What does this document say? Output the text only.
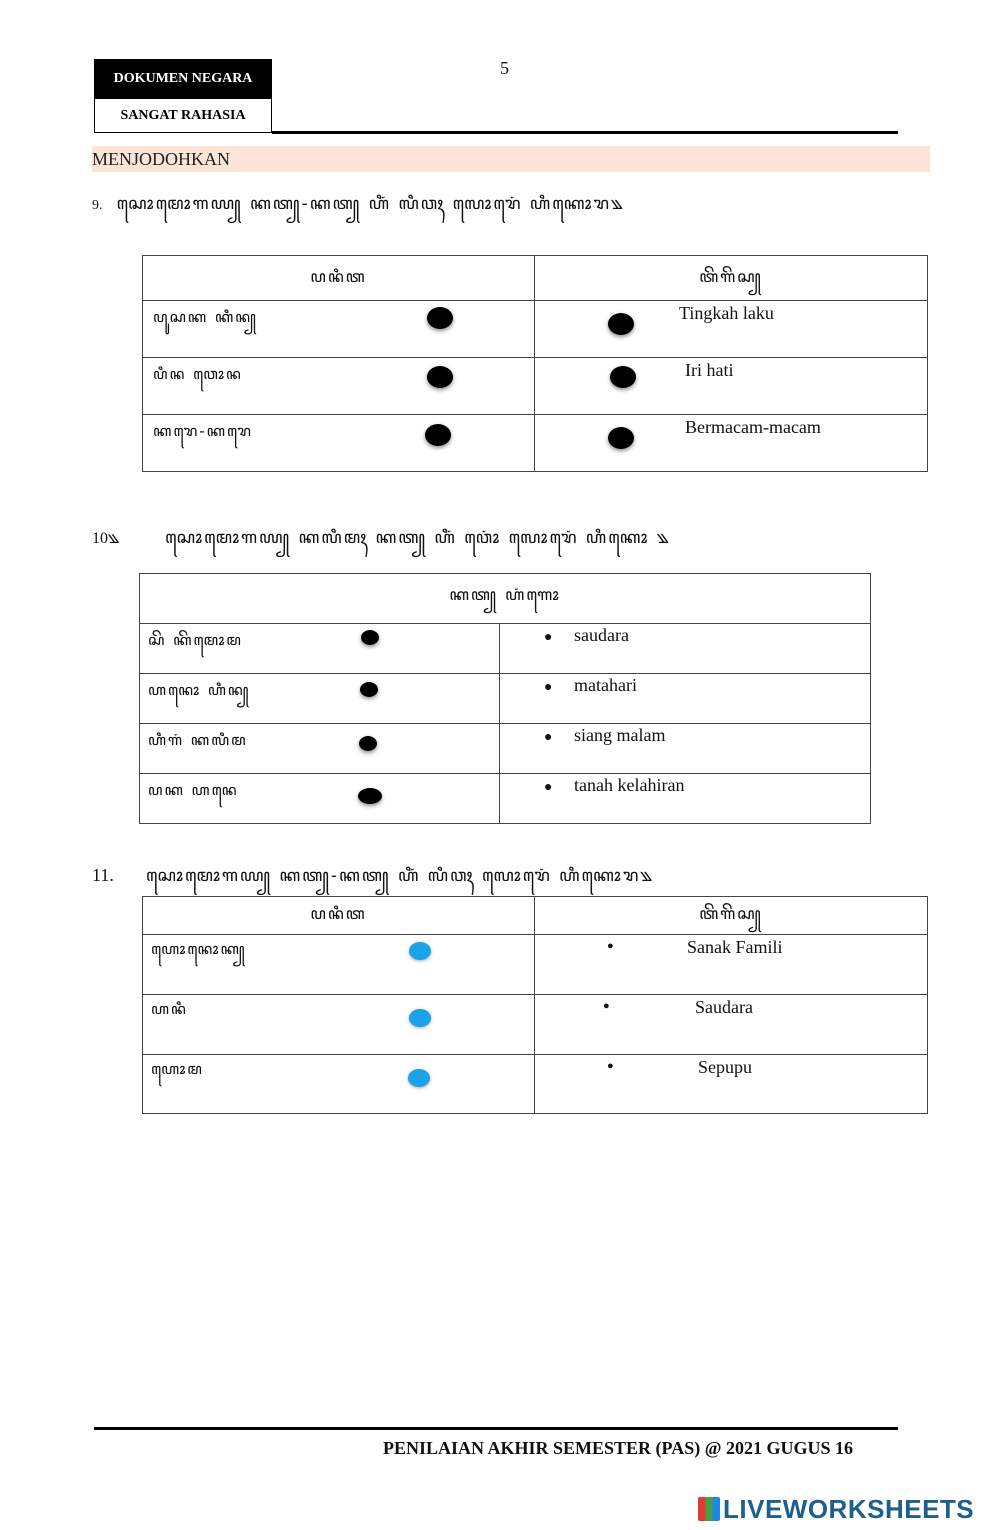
DOKUMEN NEGARA
SANGAT RAHASIA
5
MENJODOHKAN
9. ꦱꦺꦴꦩꦺꦴꦒꦪ꧀ ꦏꦠ꧀-ꦏꦠ꧀ ꦲꦶꦁ ꦭꦶꦮꦃ ꦭꦺꦴꦫꦺꦁ ꦲꦶꦏꦺꦴꦫ꧉
ꦥꦤꦶꦠ	ꦠꦼꦒꦼꦱ꧀

ꦥꦸꦱꦏ ꦏꦶꦤ꧀	Tingkah laku

ꦥꦶꦤ ꦮꦺꦴꦤ	Iri hati

ꦏꦫꦺ-ꦏꦫꦺ	Bermacam-macam
10꧉	ꦱꦺꦴꦩꦺꦴꦒꦪ꧀ ꦏꦭꦶꦩꦃ ꦏꦠ꧀ ꦲꦶꦁ ꦮꦺꦴꦁ ꦭꦺꦴꦫꦺꦁ ꦲꦶꦏꦺꦴ ꧉
ꦏꦠ꧀ ꦲꦁꦒꦺꦴ	

ꦱꦼ ꦏꦼꦩꦺꦴꦩ	● saudara

ꦲꦤꦺꦴ ꦲꦶꦤ꧀	● matahari

ꦲꦶꦒꦁ ꦏꦭꦶꦩ	● siang malam

ꦥꦏ ꦲꦤꦺ	● tanah kelahiran
11. ꦱꦺꦴꦩꦺꦴꦒꦪ꧀ ꦏꦠ꧀-ꦏꦠ꧀ ꦲꦶꦁ ꦭꦶꦮꦃ ꦭꦺꦴꦫꦺꦁ ꦲꦶꦏꦺꦴꦫ꧉
ꦥꦤꦶꦠ	ꦠꦼꦒꦼꦱ꧀

ꦲꦺꦴꦤꦺꦴꦏ꧀	● Sanak Famili

ꦲꦤꦶ	● Saudara

ꦲꦺꦴꦩ	● Sepupu
PENILAIAN AKHIR SEMESTER (PAS) @ 2021 GUGUS 16
LIVEWORKSHEETS
